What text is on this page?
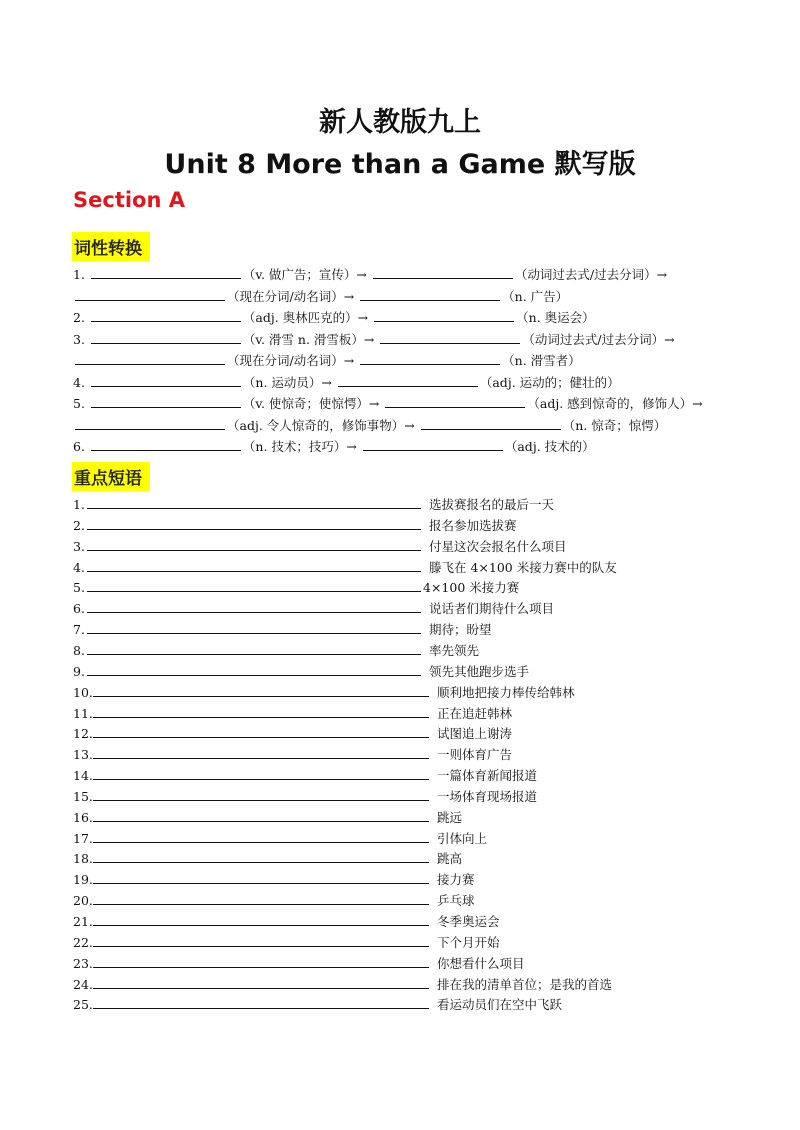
新人教版九上
Unit 8 More than a Game 默写版
Section A
词性转换
1.	（v. 做广告；宣传）→	（动词过去式/过去分词）→
（现在分词/动名词）→	（n. 广告）
2.	（adj. 奥林匹克的）→	（n. 奥运会）
3.	（v. 滑雪 n. 滑雪板）→	（动词过去式/过去分词）→
（现在分词/动名词）→	（n. 滑雪者）
4.	（n. 运动员）→	（adj. 运动的；健壮的）
5.	（v. 使惊奇；使惊愕）→	（adj. 感到惊奇的，修饰人）→
（adj. 令人惊奇的，修饰事物）→	（n. 惊奇；惊愕）
6.	（n. 技术；技巧）→	（adj. 技术的）
重点短语
1.	选拔赛报名的最后一天
2.	报名参加选拔赛
3.	付星这次会报名什么项目
4.	滕飞在 4×100 米接力赛中的队友
5.	4×100 米接力赛
6.	说话者们期待什么项目
7.	期待；盼望
8.	率先领先
9.	领先其他跑步选手
10.	顺利地把接力棒传给韩林
11.	正在追赶韩林
12.	试图追上谢涛
13.	一则体育广告
14.	一篇体育新闻报道
15.	一场体育现场报道
16.	跳远
17.	引体向上
18.	跳高
19.	接力赛
20.	乒乓球
21.	冬季奥运会
22.	下个月开始
23.	你想看什么项目
24.	排在我的清单首位；是我的首选
25.	看运动员们在空中飞跃
